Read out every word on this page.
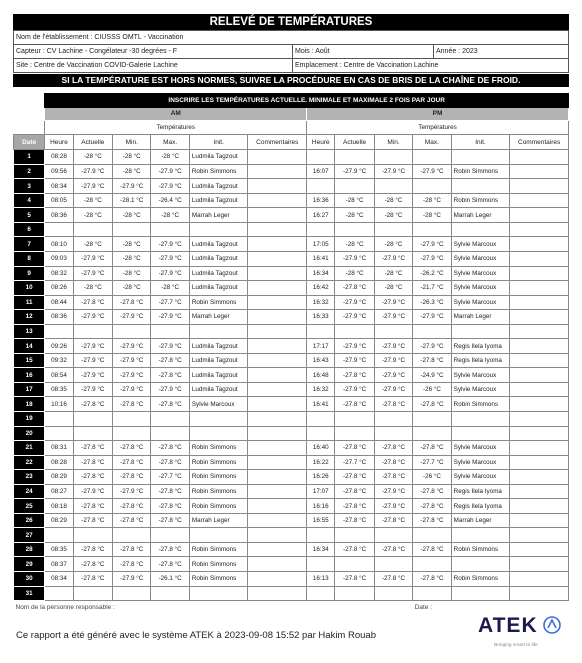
RELEVÉ DE TEMPÉRATURES
Nom de l'établissement : CIUSSS OMTL - Vaccination
Capteur : CV Lachine - Congélateur -30 degrées - F	Mois : Août	Année : 2023
Site : Centre de Vaccination COVID-Galerie Lachine	Emplacement : Centre de Vaccination Lachine
SI LA TEMPÉRATURE EST HORS NORMES, SUIVRE LA PROCÉDURE EN CAS DE BRIS DE LA CHAÎNE DE FROID.
	INSCRIRE LES TEMPÉRATURES ACTUELLE. MINIMALE ET MAXIMALE 2 FOIS PAR JOUR											
	AM						PM					
	Températures						Températures					
Date	Heure	Actuelle	Min.	Max.	Init.	Commentaires	Heure	Actuelle	Min.	Max.	Init.	Commentaires
1	08:28	-28 °C	-28 °C	-28 °C	Ludmila Tagzout							
2	09:56	-27.9 °C	-28 °C	-27.9 °C	Robin Simmons		16:07	-27.9 °C	-27.9 °C	-27.9 °C	Robin Simmons	
3	08:34	-27.9 °C	-27.9 °C	-27.9 °C	Ludmila Tagzout							
4	08:05	-28 °C	-28.1 °C	-26.4 °C	Ludmila Tagzout		16:36	-28 °C	-28 °C	-28 °C	Robin Simmons	
5	08:36	-28 °C	-28 °C	-28 °C	Marrah Leger		16:27	-28 °C	-28 °C	-28 °C	Marrah Leger	
6												
7	08:10	-28 °C	-28 °C	-27.9 °C	Ludmila Tagzout		17:05	-28 °C	-28 °C	-27.9 °C	Sylvie Marcoux	
8	09:03	-27.9 °C	-28 °C	-27.9 °C	Ludmila Tagzout		16:41	-27.9 °C	-27.9 °C	-27.9 °C	Sylvie Marcoux	
9	08:32	-27.9 °C	-28 °C	-27.9 °C	Ludmila Tagzout		16:34	-28 °C	-28 °C	-26.2 °C	Sylvie Marcoux	
10	08:26	-28 °C	-28 °C	-28 °C	Ludmila Tagzout		16:42	-27.8 °C	-28 °C	-21.7 °C	Sylvie Marcoux	
11	08:44	-27.8 °C	-27.8 °C	-27.7 °C	Robin Simmons		16:32	-27.9 °C	-27.9 °C	-26.3 °C	Sylvie Marcoux	
12	08:36	-27.9 °C	-27.9 °C	-27.9 °C	Marrah Leger		16:33	-27.9 °C	-27.9 °C	-27.9 °C	Marrah Leger	
13												
14	09:26	-27.9 °C	-27.9 °C	-27.9 °C	Ludmila Tagzout		17:17	-27.9 °C	-27.9 °C	-27.9 °C	Regis Ilela Iyoma	
15	09:32	-27.9 °C	-27.9 °C	-27.8 °C	Ludmila Tagzout		16:43	-27.9 °C	-27.9 °C	-27.8 °C	Regis Ilela Iyoma	
16	08:54	-27.9 °C	-27.9 °C	-27.8 °C	Ludmila Tagzout		16:48	-27.8 °C	-27.9 °C	-24.9 °C	Sylvie Marcoux	
17	08:35	-27.9 °C	-27.9 °C	-27.9 °C	Ludmila Tagzout		16:32	-27.9 °C	-27.9 °C	-26 °C	Sylvie Marcoux	
18	10:16	-27.8 °C	-27.8 °C	-27.8 °C	Sylvie Marcoux		16:41	-27.8 °C	-27.8 °C	-27.8 °C	Robin Simmons	
19												
20												
21	08:31	-27.8 °C	-27.8 °C	-27.8 °C	Robin Simmons		16:40	-27.8 °C	-27.8 °C	-27.8 °C	Sylvie Marcoux	
22	08:28	-27.8 °C	-27.8 °C	-27.8 °C	Robin Simmons		16:22	-27.7 °C	-27.8 °C	-27.7 °C	Sylvie Marcoux	
23	08:29	-27.8 °C	-27.8 °C	-27.7 °C	Robin Simmons		16:26	-27.8 °C	-27.8 °C	-26 °C	Sylvie Marcoux	
24	08:27	-27.9 °C	-27.9 °C	-27.8 °C	Robin Simmons		17:07	-27.8 °C	-27.9 °C	-27.8 °C	Regis Ilela Iyoma	
25	08:18	-27.8 °C	-27.8 °C	-27.8 °C	Robin Simmons		16:16	-27.8 °C	-27.9 °C	-27.8 °C	Regis Ilela Iyoma	
26	08:29	-27.8 °C	-27.8 °C	-27.8 °C	Marrah Leger		16:55	-27.8 °C	-27.8 °C	-27.8 °C	Marrah Leger	
27												
28	08:35	-27.8 °C	-27.8 °C	-27.8 °C	Robin Simmons		16:34	-27.8 °C	-27.8 °C	-27.8 °C	Robin Simmons	
29	08:37	-27.8 °C	-27.8 °C	-27.8 °C	Robin Simmons							
30	08:34	-27.8 °C	-27.9 °C	-26.1 °C	Robin Simmons		16:13	-27.8 °C	-27.8 °C	-27.8 °C	Robin Simmons	
31												
Nom de la personne responsable :										Date :		
Ce rapport a été généré avec le système ATEK à 2023-09-08 15:52 par Hakim Rouab	ATEK
Bringing smart to life
